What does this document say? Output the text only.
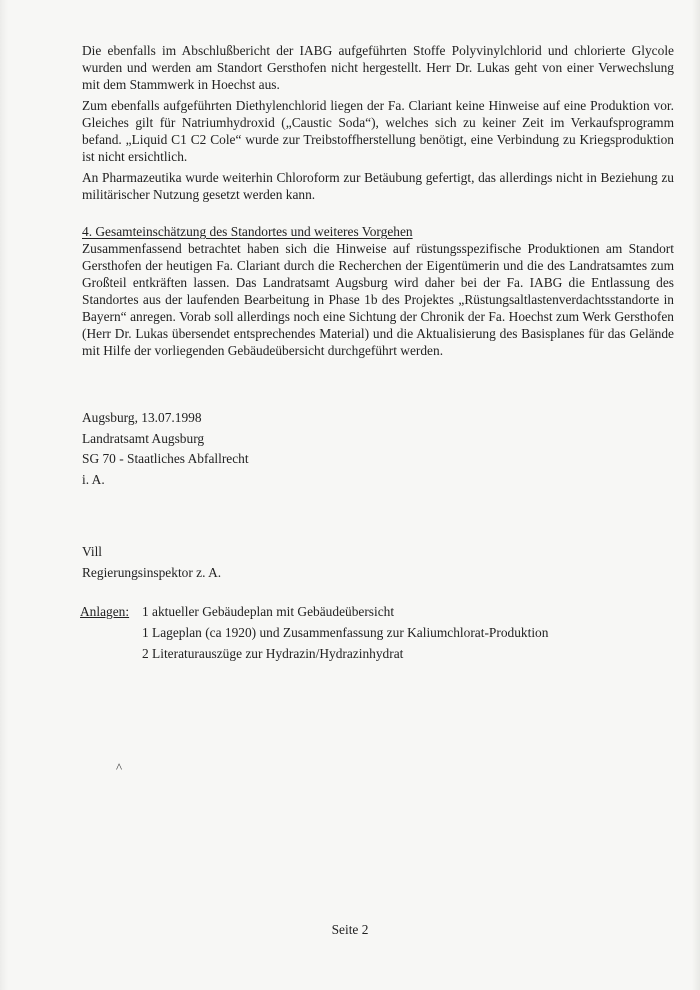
Die ebenfalls im Abschlußbericht der IABG aufgeführten Stoffe Polyvinylchlorid und chlorierte Glycole wurden und werden am Standort Gersthofen nicht hergestellt. Herr Dr. Lukas geht von einer Verwechslung mit dem Stammwerk in Hoechst aus.

Zum ebenfalls aufgeführten Diethylenchlorid liegen der Fa. Clariant keine Hinweise auf eine Produktion vor. Gleiches gilt für Natriumhydroxid („Caustic Soda“), welches sich zu keiner Zeit im Verkaufsprogramm befand. „Liquid C1 C2 Cole“ wurde zur Treibstoffherstellung benötigt, eine Verbindung zu Kriegsproduktion ist nicht ersichtlich.

An Pharmazeutika wurde weiterhin Chloroform zur Betäubung gefertigt, das allerdings nicht in Beziehung zu militärischer Nutzung gesetzt werden kann.

4. Gesamteinschätzung des Standortes und weiteres Vorgehen

Zusammenfassend betrachtet haben sich die Hinweise auf rüstungsspezifische Produktionen am Standort Gersthofen der heutigen Fa. Clariant durch die Recherchen der Eigentümerin und die des Landratsamtes zum Großteil entkräften lassen. Das Landratsamt Augsburg wird daher bei der Fa. IABG die Entlassung des Standortes aus der laufenden Bearbeitung in Phase 1b des Projektes „Rüstungsaltlastenverdachtsstandorte in Bayern“ anregen. Vorab soll allerdings noch eine Sichtung der Chronik der Fa. Hoechst zum Werk Gersthofen (Herr Dr. Lukas übersendet entsprechendes Material) und die Aktualisierung des Basisplanes für das Gelände mit Hilfe der vorliegenden Gebäudeübersicht durchgeführt werden.

Augsburg, 13.07.1998
Landratsamt Augsburg
SG 70 - Staatliches Abfallrecht
i. A.
Vill
Regierungsinspektor z. A.
Anlagen: 1 aktueller Gebäudeplan mit Gebäudeübersicht
1 Lageplan (ca 1920) und Zusammenfassung zur Kaliumchlorat-Produktion
2 Literaturauszüge zur Hydrazin/Hydrazinhydrat
^
Seite 2
